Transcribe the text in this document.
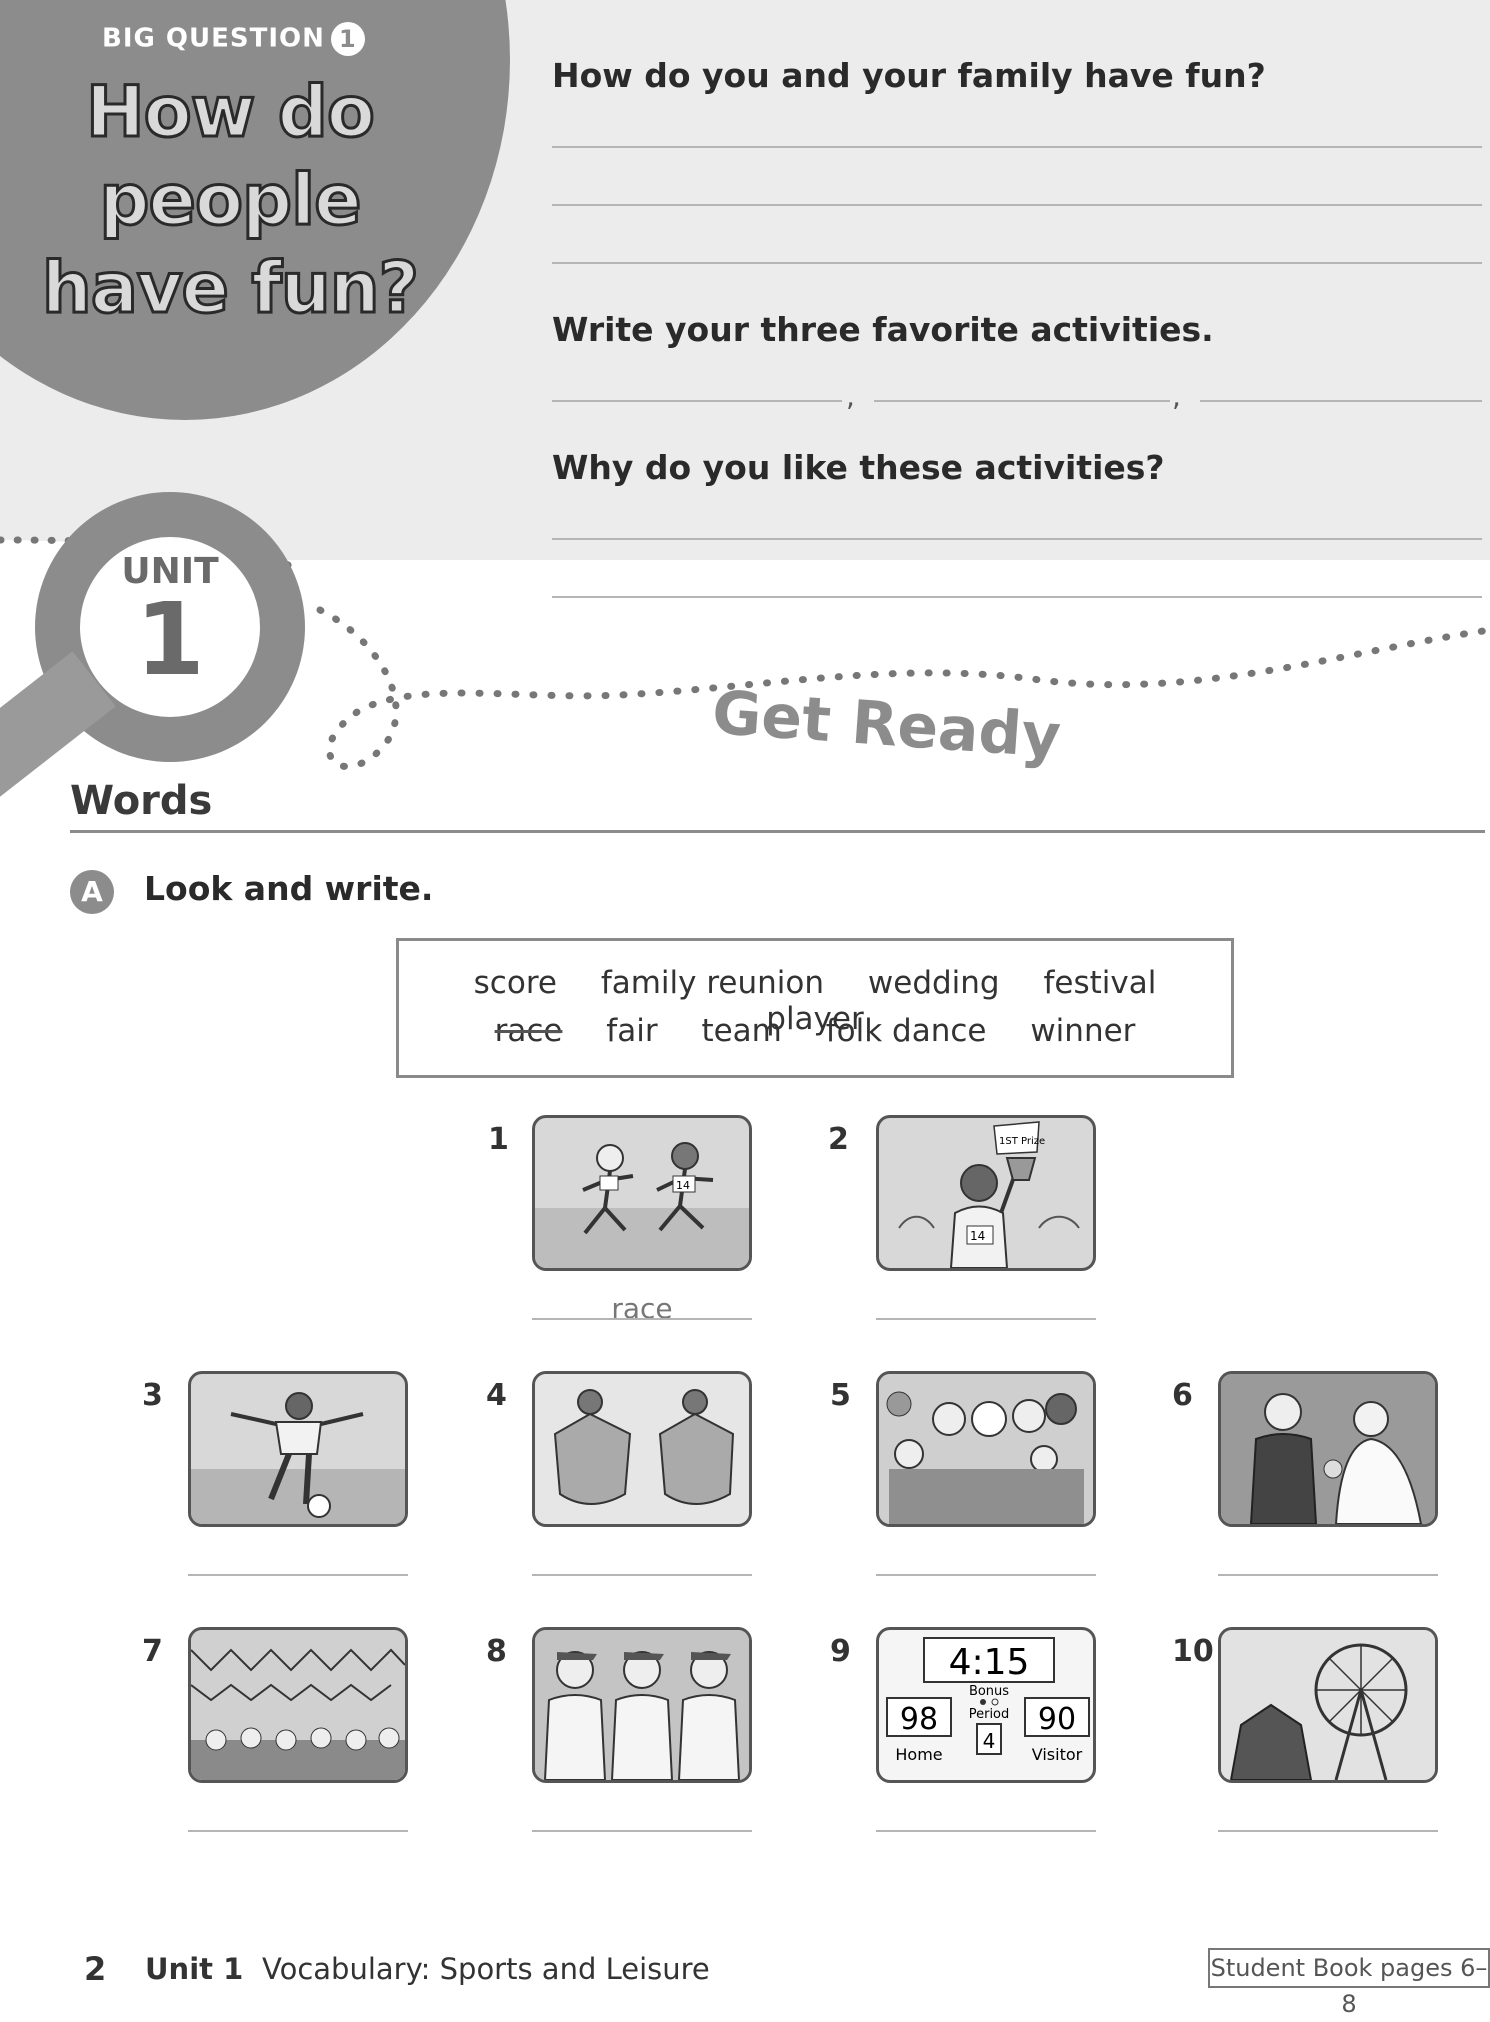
BIG QUESTION 1
How do people have fun?
How do you and your family have fun?
Write your three favorite activities.
,	,
Why do you like these activities?
UNIT
1
Get Ready
Words
A	Look and write.
score family reunion wedding festival player
race fair team folk dance winner
1
14
race
2
14
1ST Prize
3	4	5	6
7	8	9	4:15
Bonus
Period
98	90
4
Home	Visitor
10
2 Unit 1 Vocabulary: Sports and Leisure	Student Book pages 6–8
